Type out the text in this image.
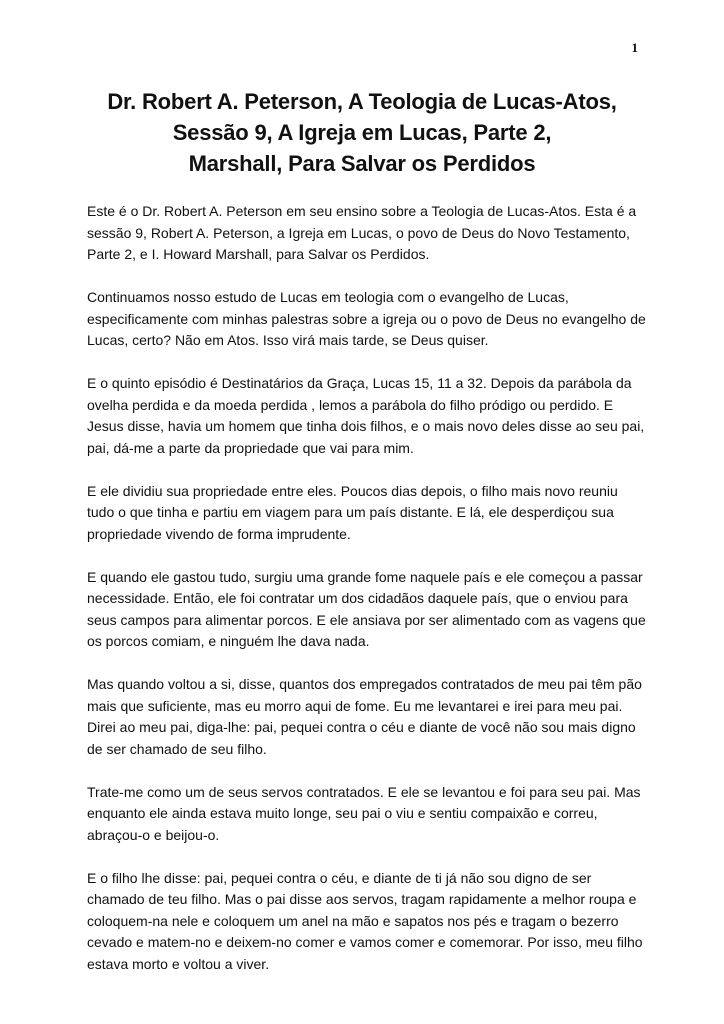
1
Dr. Robert A. Peterson, A Teologia de Lucas-Atos,
Sessão 9, A Igreja em Lucas, Parte 2,
Marshall, Para Salvar os Perdidos

Este é o Dr. Robert A. Peterson em seu ensino sobre a Teologia de Lucas-Atos. Esta é a sessão 9, Robert A. Peterson, a Igreja em Lucas, o povo de Deus do Novo Testamento, Parte 2, e I. Howard Marshall, para Salvar os Perdidos.

Continuamos nosso estudo de Lucas em teologia com o evangelho de Lucas, especificamente com minhas palestras sobre a igreja ou o povo de Deus no evangelho de Lucas, certo? Não em Atos. Isso virá mais tarde, se Deus quiser.

E o quinto episódio é Destinatários da Graça, Lucas 15, 11 a 32. Depois da parábola da ovelha perdida e da moeda perdida , lemos a parábola do filho pródigo ou perdido. E Jesus disse, havia um homem que tinha dois filhos, e o mais novo deles disse ao seu pai, pai, dá-me a parte da propriedade que vai para mim.

E ele dividiu sua propriedade entre eles. Poucos dias depois, o filho mais novo reuniu tudo o que tinha e partiu em viagem para um país distante. E lá, ele desperdiçou sua propriedade vivendo de forma imprudente.

E quando ele gastou tudo, surgiu uma grande fome naquele país e ele começou a passar necessidade. Então, ele foi contratar um dos cidadãos daquele país, que o enviou para seus campos para alimentar porcos. E ele ansiava por ser alimentado com as vagens que os porcos comiam, e ninguém lhe dava nada.

Mas quando voltou a si, disse, quantos dos empregados contratados de meu pai têm pão mais que suficiente, mas eu morro aqui de fome. Eu me levantarei e irei para meu pai. Direi ao meu pai, diga-lhe: pai, pequei contra o céu e diante de você não sou mais digno de ser chamado de seu filho.

Trate-me como um de seus servos contratados. E ele se levantou e foi para seu pai. Mas enquanto ele ainda estava muito longe, seu pai o viu e sentiu compaixão e correu, abraçou-o e beijou-o.

E o filho lhe disse: pai, pequei contra o céu, e diante de ti já não sou digno de ser chamado de teu filho. Mas o pai disse aos servos, tragam rapidamente a melhor roupa e coloquem-na nele e coloquem um anel na mão e sapatos nos pés e tragam o bezerro cevado e matem-no e deixem-no comer e vamos comer e comemorar. Por isso, meu filho estava morto e voltou a viver.
